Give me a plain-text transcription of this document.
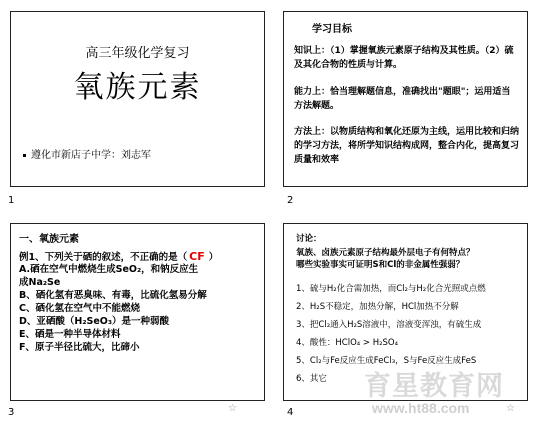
高三年级化学复习
氧族元素
遵化市新店子中学：刘志军
1
学习目标
知识上：（1）掌握氧族元素原子结构及其性质。（2）硫及其化合物的性质与计算。
能力上：恰当理解题信息，准确找出"题眼"；运用适当方法解题。
方法上：以物质结构和氧化还原为主线，运用比较和归纳的学习方法，将所学知识结构成网，整合内化，提高复习质量和效率
2
一、氧族元素
例1、下列关于硒的叙述，不正确的是（ CF ）
A.硒在空气中燃烧生成SeO₂，和钠反应生
成Na₂Se
B、硒化氢有恶臭味、有毒，比硫化氢易分解
C、硒化氢在空气中不能燃烧
D、亚硒酸（H₂SeO₃）是一种弱酸
E、硒是一种半导体材料
F、原子半径比硫大，比碲小
3	☆
讨论：
氧族、卤族元素原子结构最外层电子有何特点？
哪些实验事实可证明S和Cl的非金属性强弱？
1、硫与H₂化合需加热，而Cl₂与H₂化合光照或点燃
2、H₂S不稳定，加热分解，HCl加热不分解
3、把Cl₂通入H₂S溶液中，溶液变浑浊，有硫生成
4、酸性：HClO₄ > H₂SO₄
5、Cl₂与Fe反应生成FeCl₃，S与Fe反应生成FeS
6、其它
4	☆
育星教育网
www.ht88.com
